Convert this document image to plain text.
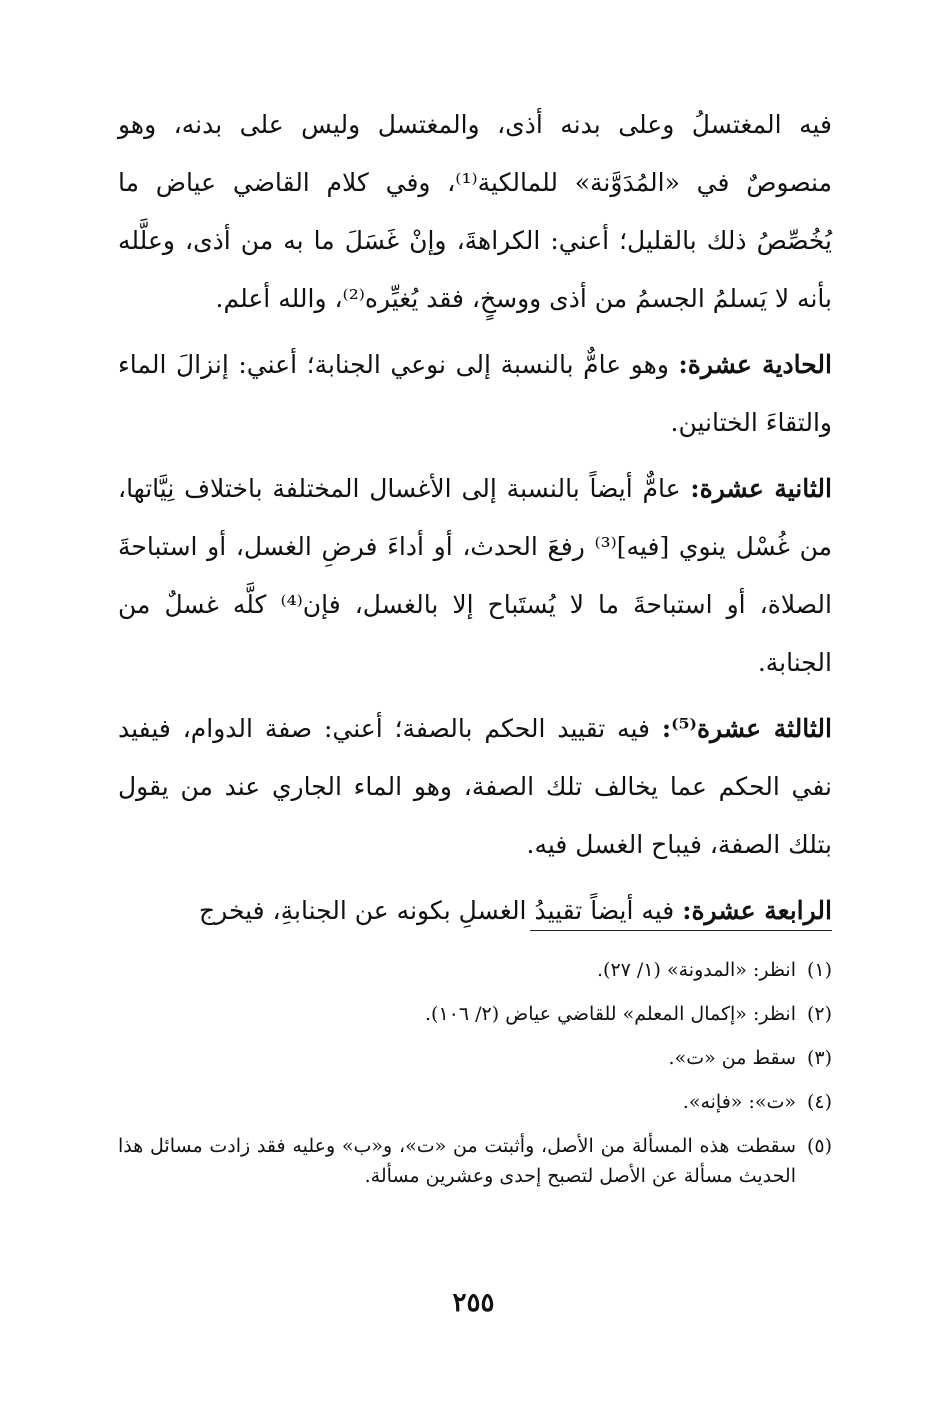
فيه المغتسلُ وعلى بدنه أذى، والمغتسل وليس على بدنه، وهو منصوصٌ في «المُدَوَّنة» للمالكية⁽¹⁾، وفي كلام القاضي عياض ما يُخُصِّصُ ذلك بالقليل؛ أعني: الكراهةَ، وإنْ غَسَلَ ما به من أذى، وعلَّله بأنه لا يَسلمُ الجسمُ من أذى ووسخٍ، فقد يُغيِّره⁽²⁾، والله أعلم.

الحادية عشرة: وهو عامٌّ بالنسبة إلى نوعي الجنابة؛ أعني: إنزالَ الماء والتقاءَ الختانين.

الثانية عشرة: عامٌّ أيضاً بالنسبة إلى الأغسال المختلفة باختلاف نِيَّاتها، من غُسْل ينوي [فيه]⁽³⁾ رفعَ الحدث، أو أداءَ فرضِ الغسل، أو استباحةَ الصلاة، أو استباحةَ ما لا يُستَباح إلا بالغسل، فإن⁽⁴⁾ كلَّه غسلٌ من الجنابة.

الثالثة عشرة⁽⁵⁾: فيه تقييد الحكم بالصفة؛ أعني: صفة الدوام، فيفيد نفي الحكم عما يخالف تلك الصفة، وهو الماء الجاري عند من يقول بتلك الصفة، فيباح الغسل فيه.

الرابعة عشرة: فيه أيضاً تقييدُ الغسلِ بكونه عن الجنابةِ، فيخرج

(١)
انظر: «المدونة» (١/ ٢٧).
(٢)
انظر: «إكمال المعلم» للقاضي عياض (٢/ ١٠٦).
(٣)
سقط من «ت».
(٤)
«ت»: «فإنه».
(٥)
سقطت هذه المسألة من الأصل، وأثبتت من «ت»، و«ب» وعليه فقد زادت مسائل هذا الحديث مسألة عن الأصل لتصبح إحدى وعشرين مسألة.
٢٥٥
